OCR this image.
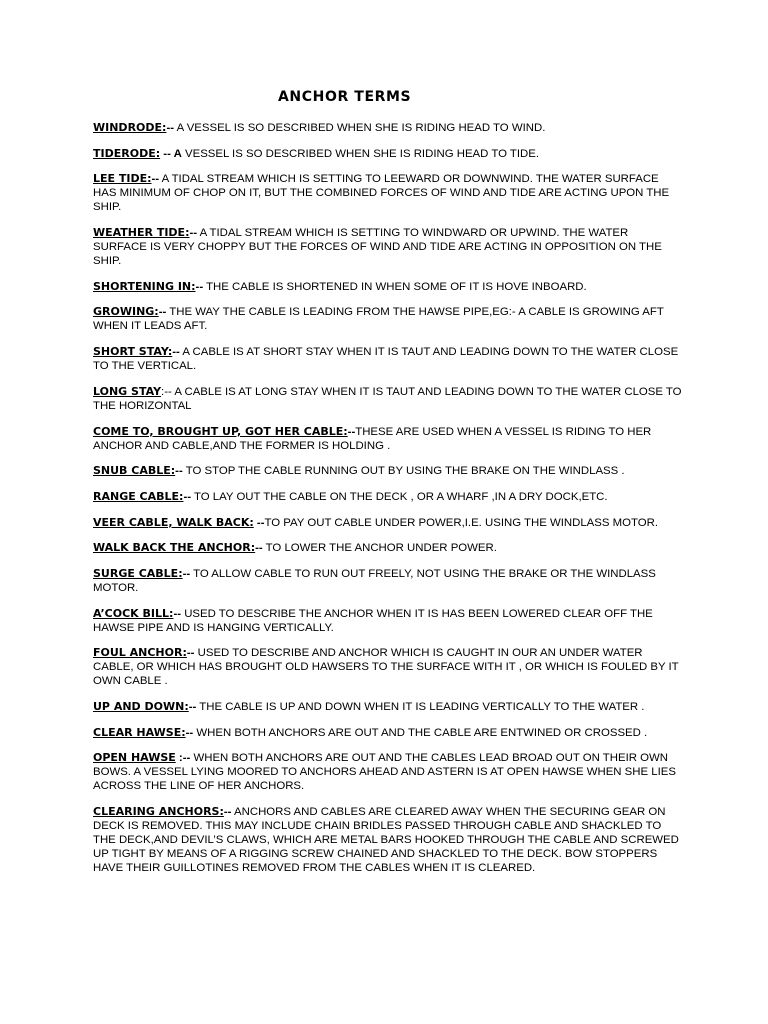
ANCHOR TERMS

WINDRODE:-- A VESSEL IS SO DESCRIBED WHEN SHE IS RIDING HEAD TO WIND.

TIDERODE: -- A VESSEL IS SO DESCRIBED WHEN SHE IS RIDING HEAD TO TIDE.

LEE TIDE:-- A TIDAL STREAM WHICH IS SETTING TO LEEWARD OR DOWNWIND. THE WATER SURFACE HAS MINIMUM OF CHOP ON IT, BUT THE COMBINED FORCES OF WIND AND TIDE ARE ACTING UPON THE SHIP.

WEATHER TIDE:-- A TIDAL STREAM WHICH IS SETTING TO WINDWARD OR UPWIND. THE WATER SURFACE IS VERY CHOPPY BUT THE FORCES OF WIND AND TIDE ARE ACTING IN OPPOSITION ON THE SHIP.

SHORTENING IN:-- THE CABLE IS SHORTENED IN WHEN SOME OF IT IS HOVE INBOARD.

GROWING:-- THE WAY THE CABLE IS LEADING FROM THE HAWSE PIPE,EG:- A CABLE IS GROWING AFT WHEN IT LEADS AFT.

SHORT STAY:-- A CABLE IS AT SHORT STAY WHEN IT IS TAUT AND LEADING DOWN TO THE WATER CLOSE TO THE VERTICAL.

LONG STAY:-- A CABLE IS AT LONG STAY WHEN IT IS TAUT AND LEADING DOWN TO THE WATER CLOSE TO THE HORIZONTAL

COME TO, BROUGHT UP, GOT HER CABLE:--THESE ARE USED WHEN A VESSEL IS RIDING TO HER ANCHOR AND CABLE,AND THE FORMER IS HOLDING .

SNUB CABLE:-- TO STOP THE CABLE RUNNING OUT BY USING THE BRAKE ON THE WINDLASS .

RANGE CABLE:-- TO LAY OUT THE CABLE ON THE DECK , OR A WHARF ,IN A DRY DOCK,ETC.

VEER CABLE, WALK BACK: --TO PAY OUT CABLE UNDER POWER,I.E. USING THE WINDLASS MOTOR.

WALK BACK THE ANCHOR:-- TO LOWER THE ANCHOR UNDER POWER.

SURGE CABLE:-- TO ALLOW CABLE TO RUN OUT FREELY, NOT USING THE BRAKE OR THE WINDLASS MOTOR.

A’COCK BILL:-- USED TO DESCRIBE THE ANCHOR WHEN IT IS HAS BEEN LOWERED CLEAR OFF THE HAWSE PIPE AND IS HANGING VERTICALLY.

FOUL ANCHOR:-- USED TO DESCRIBE AND ANCHOR WHICH IS CAUGHT IN OUR AN UNDER WATER CABLE, OR WHICH HAS BROUGHT OLD HAWSERS TO THE SURFACE WITH IT , OR WHICH IS FOULED BY IT OWN CABLE .

UP AND DOWN:-- THE CABLE IS UP AND DOWN WHEN IT IS LEADING VERTICALLY TO THE WATER .

CLEAR HAWSE:-- WHEN BOTH ANCHORS ARE OUT AND THE CABLE ARE ENTWINED OR CROSSED .

OPEN HAWSE :-- WHEN BOTH ANCHORS ARE OUT AND THE CABLES LEAD BROAD OUT ON THEIR OWN BOWS. A VESSEL LYING MOORED TO ANCHORS AHEAD AND ASTERN IS AT OPEN HAWSE WHEN SHE LIES ACROSS THE LINE OF HER ANCHORS.

CLEARING ANCHORS:-- ANCHORS AND CABLES ARE CLEARED AWAY WHEN THE SECURING GEAR ON DECK IS REMOVED. THIS MAY INCLUDE CHAIN BRIDLES PASSED THROUGH CABLE AND SHACKLED TO THE DECK,AND DEVIL’S CLAWS, WHICH ARE METAL BARS HOOKED THROUGH THE CABLE AND SCREWED UP TIGHT BY MEANS OF A RIGGING SCREW CHAINED AND SHACKLED TO THE DECK. BOW STOPPERS HAVE THEIR GUILLOTINES REMOVED FROM THE CABLES WHEN IT IS CLEARED.
